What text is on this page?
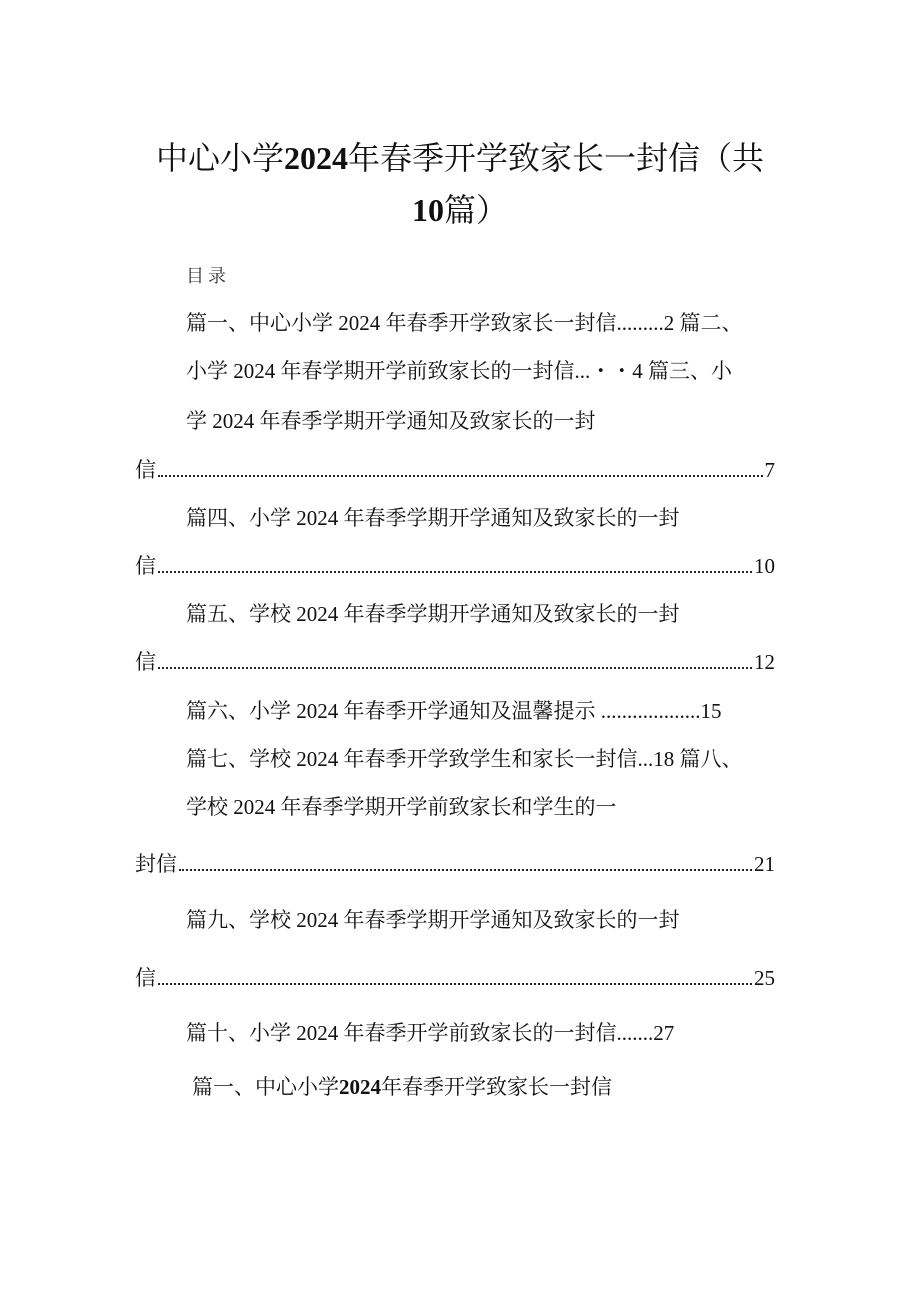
中心小学2024年春季开学致家长一封信（共
10篇）
目录
篇一、中心小学 2024 年春季开学致家长一封信.........2 篇二、
小学 2024 年春学期开学前致家长的一封信...・・4 篇三、小
学 2024 年春季学期开学通知及致家长的一封
信	7
篇四、小学 2024 年春季学期开学通知及致家长的一封
信	10
篇五、学校 2024 年春季学期开学通知及致家长的一封
信	12
篇六、小学 2024 年春季开学通知及温馨提示 ...................15
篇七、学校 2024 年春季开学致学生和家长一封信...18 篇八、
学校 2024 年春季学期开学前致家长和学生的一
封信	21
篇九、学校 2024 年春季学期开学通知及致家长的一封
信	25
篇十、小学 2024 年春季开学前致家长的一封信.......27
篇一、中心小学2024年春季开学致家长一封信
